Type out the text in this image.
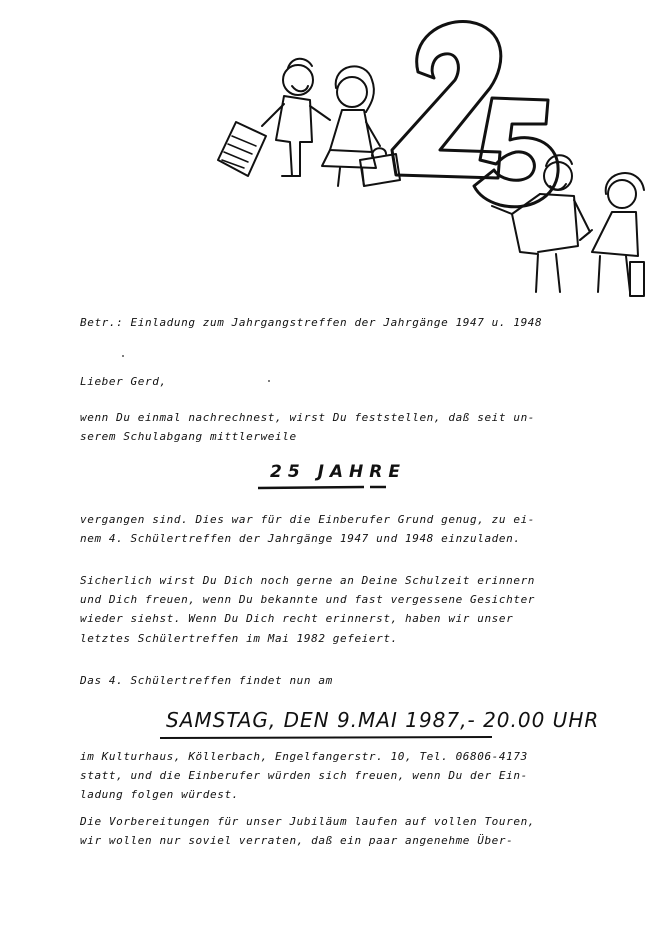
Betr.: Einladung zum Jahrgangstreffen der Jahrgänge 1947 u. 1948
Lieber Gerd,
wenn Du einmal nachrechnest, wirst Du feststellen, daß seit un-
serem Schulabgang mittlerweile
25 JAHRE
vergangen sind. Dies war für die Einberufer Grund genug, zu ei-
nem 4. Schülertreffen der Jahrgänge 1947 und 1948 einzuladen.
Sicherlich wirst Du Dich noch gerne an Deine Schulzeit erinnern
und Dich freuen, wenn Du bekannte und fast vergessene Gesichter
wieder siehst. Wenn Du Dich recht erinnerst, haben wir unser
letztes Schülertreffen im Mai 1982 gefeiert.
Das 4. Schülertreffen findet nun am
SAMSTAG, DEN 9.MAI 1987,- 20.00 UHR
im Kulturhaus, Köllerbach, Engelfangerstr. 10, Tel. 06806-4173
statt, und die Einberufer würden sich freuen, wenn Du der Ein-
ladung folgen würdest.
Die Vorbereitungen für unser Jubiläum laufen auf vollen Touren,
wir wollen nur soviel verraten, daß ein paar angenehme Über-
